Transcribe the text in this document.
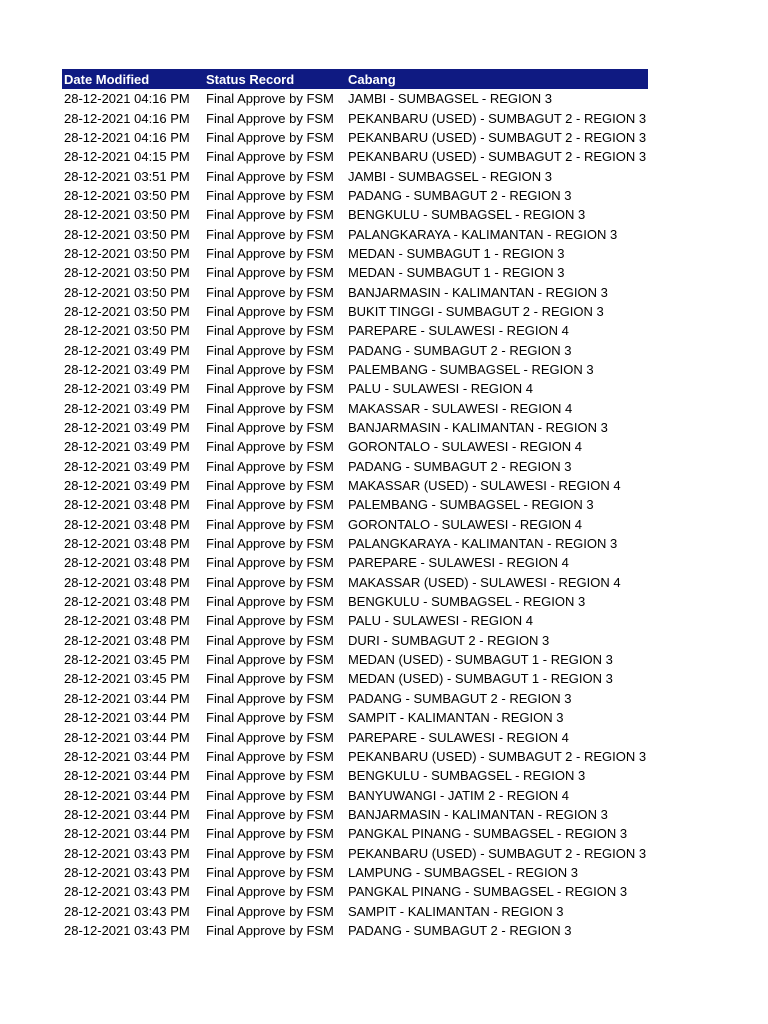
Date Modified	Status Record	Cabang
28-12-2021 04:16 PM	Final Approve by FSM	JAMBI - SUMBAGSEL - REGION 3
28-12-2021 04:16 PM	Final Approve by FSM	PEKANBARU (USED) - SUMBAGUT 2 - REGION 3
28-12-2021 04:16 PM	Final Approve by FSM	PEKANBARU (USED) - SUMBAGUT 2 - REGION 3
28-12-2021 04:15 PM	Final Approve by FSM	PEKANBARU (USED) - SUMBAGUT 2 - REGION 3
28-12-2021 03:51 PM	Final Approve by FSM	JAMBI - SUMBAGSEL - REGION 3
28-12-2021 03:50 PM	Final Approve by FSM	PADANG - SUMBAGUT 2 - REGION 3
28-12-2021 03:50 PM	Final Approve by FSM	BENGKULU - SUMBAGSEL - REGION 3
28-12-2021 03:50 PM	Final Approve by FSM	PALANGKARAYA - KALIMANTAN - REGION 3
28-12-2021 03:50 PM	Final Approve by FSM	MEDAN - SUMBAGUT 1 - REGION 3
28-12-2021 03:50 PM	Final Approve by FSM	MEDAN - SUMBAGUT 1 - REGION 3
28-12-2021 03:50 PM	Final Approve by FSM	BANJARMASIN - KALIMANTAN - REGION 3
28-12-2021 03:50 PM	Final Approve by FSM	BUKIT TINGGI - SUMBAGUT 2 - REGION 3
28-12-2021 03:50 PM	Final Approve by FSM	PAREPARE - SULAWESI - REGION 4
28-12-2021 03:49 PM	Final Approve by FSM	PADANG - SUMBAGUT 2 - REGION 3
28-12-2021 03:49 PM	Final Approve by FSM	PALEMBANG - SUMBAGSEL - REGION 3
28-12-2021 03:49 PM	Final Approve by FSM	PALU - SULAWESI - REGION 4
28-12-2021 03:49 PM	Final Approve by FSM	MAKASSAR - SULAWESI - REGION 4
28-12-2021 03:49 PM	Final Approve by FSM	BANJARMASIN - KALIMANTAN - REGION 3
28-12-2021 03:49 PM	Final Approve by FSM	GORONTALO - SULAWESI - REGION 4
28-12-2021 03:49 PM	Final Approve by FSM	PADANG - SUMBAGUT 2 - REGION 3
28-12-2021 03:49 PM	Final Approve by FSM	MAKASSAR (USED) - SULAWESI - REGION 4
28-12-2021 03:48 PM	Final Approve by FSM	PALEMBANG - SUMBAGSEL - REGION 3
28-12-2021 03:48 PM	Final Approve by FSM	GORONTALO - SULAWESI - REGION 4
28-12-2021 03:48 PM	Final Approve by FSM	PALANGKARAYA - KALIMANTAN - REGION 3
28-12-2021 03:48 PM	Final Approve by FSM	PAREPARE - SULAWESI - REGION 4
28-12-2021 03:48 PM	Final Approve by FSM	MAKASSAR (USED) - SULAWESI - REGION 4
28-12-2021 03:48 PM	Final Approve by FSM	BENGKULU - SUMBAGSEL - REGION 3
28-12-2021 03:48 PM	Final Approve by FSM	PALU - SULAWESI - REGION 4
28-12-2021 03:48 PM	Final Approve by FSM	DURI - SUMBAGUT 2 - REGION 3
28-12-2021 03:45 PM	Final Approve by FSM	MEDAN (USED) - SUMBAGUT 1 - REGION 3
28-12-2021 03:45 PM	Final Approve by FSM	MEDAN (USED) - SUMBAGUT 1 - REGION 3
28-12-2021 03:44 PM	Final Approve by FSM	PADANG - SUMBAGUT 2 - REGION 3
28-12-2021 03:44 PM	Final Approve by FSM	SAMPIT - KALIMANTAN - REGION 3
28-12-2021 03:44 PM	Final Approve by FSM	PAREPARE - SULAWESI - REGION 4
28-12-2021 03:44 PM	Final Approve by FSM	PEKANBARU (USED) - SUMBAGUT 2 - REGION 3
28-12-2021 03:44 PM	Final Approve by FSM	BENGKULU - SUMBAGSEL - REGION 3
28-12-2021 03:44 PM	Final Approve by FSM	BANYUWANGI - JATIM 2 - REGION 4
28-12-2021 03:44 PM	Final Approve by FSM	BANJARMASIN - KALIMANTAN - REGION 3
28-12-2021 03:44 PM	Final Approve by FSM	PANGKAL PINANG - SUMBAGSEL - REGION 3
28-12-2021 03:43 PM	Final Approve by FSM	PEKANBARU (USED) - SUMBAGUT 2 - REGION 3
28-12-2021 03:43 PM	Final Approve by FSM	LAMPUNG - SUMBAGSEL - REGION 3
28-12-2021 03:43 PM	Final Approve by FSM	PANGKAL PINANG - SUMBAGSEL - REGION 3
28-12-2021 03:43 PM	Final Approve by FSM	SAMPIT - KALIMANTAN - REGION 3
28-12-2021 03:43 PM	Final Approve by FSM	PADANG - SUMBAGUT 2 - REGION 3
